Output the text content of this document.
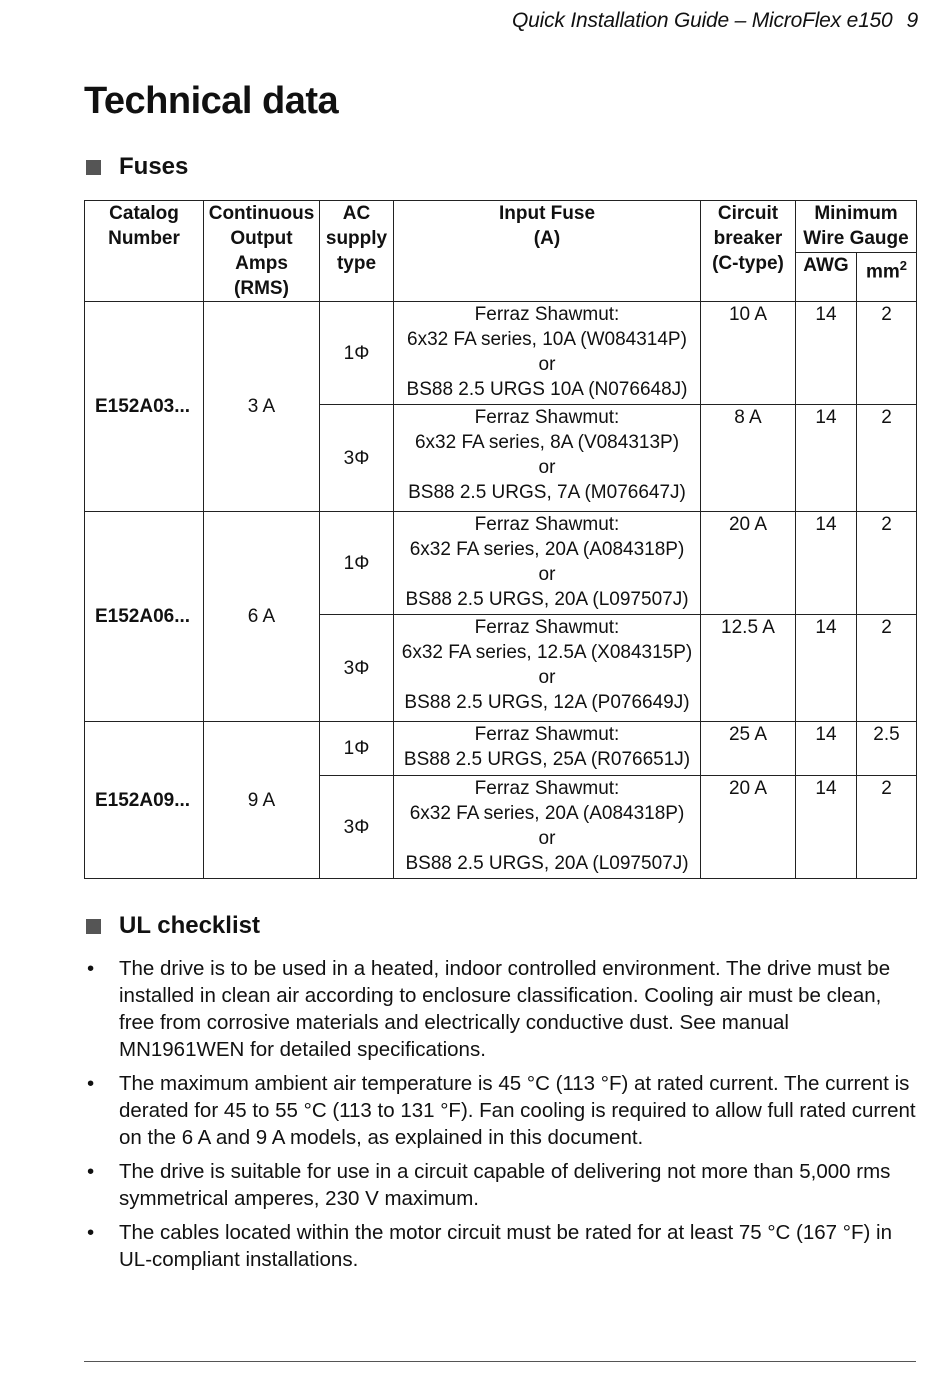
Quick Installation Guide – MicroFlex e150 9
Technical data
Fuses
Catalog
Number	Continuous
Output
Amps
(RMS)	AC
supply
type	Input Fuse
(A)	Circuit
breaker
(C-type)	Minimum
Wire Gauge	

					AWG	$mm^2$
E152A03...	3 A	1Φ	Ferraz Shawmut:
6x32 FA series, 10A (W084314P)
or
BS88 2.5 URGS 10A (N076648J)	10 A	14	2
		3Φ	Ferraz Shawmut:
6x32 FA series, 8A (V084313P)
or
BS88 2.5 URGS, 7A (M076647J)	8 A	14	2
E152A06...	6 A	1Φ	Ferraz Shawmut:
6x32 FA series, 20A (A084318P)
or
BS88 2.5 URGS, 20A (L097507J)	20 A	14	2
		3Φ	Ferraz Shawmut:
6x32 FA series, 12.5A (X084315P)
or
BS88 2.5 URGS, 12A (P076649J)	12.5 A	14	2
E152A09...	9 A	1Φ	Ferraz Shawmut:
BS88 2.5 URGS, 25A (R076651J)	25 A	14	2.5
		3Φ	Ferraz Shawmut:
6x32 FA series, 20A (A084318P)
or
BS88 2.5 URGS, 20A (L097507J)	20 A	14	2
UL checklist
• The drive is to be used in a heated, indoor controlled environment. The drive must be installed in clean air according to enclosure classification. Cooling air must be clean, free from corrosive materials and electrically conductive dust. See manual MN1961WEN for detailed specifications.
• The maximum ambient air temperature is 45 °C (113 °F) at rated current. The current is derated for 45 to 55 °C (113 to 131 °F). Fan cooling is required to allow full rated current on the 6 A and 9 A models, as explained in this document.
• The drive is suitable for use in a circuit capable of delivering not more than 5,000 rms symmetrical amperes, 230 V maximum.
• The cables located within the motor circuit must be rated for at least 75 °C (167 °F) in UL-compliant installations.
